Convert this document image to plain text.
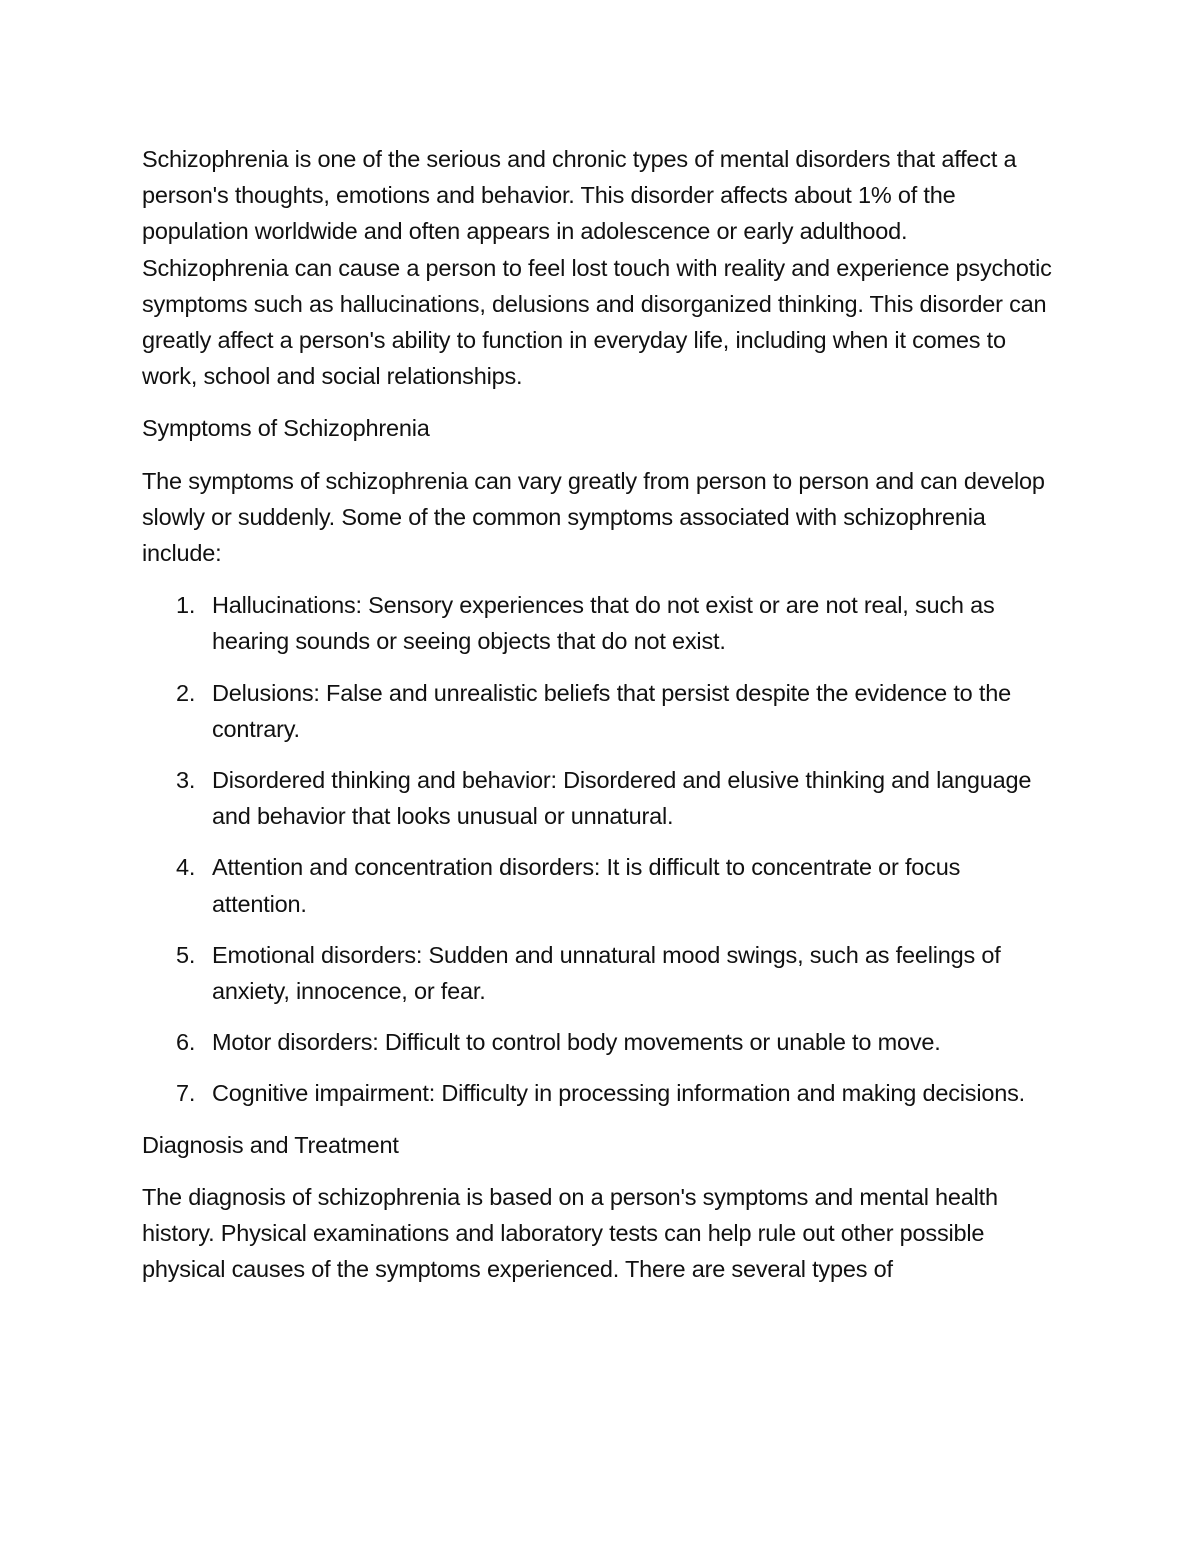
Schizophrenia is one of the serious and chronic types of mental disorders that affect a person's thoughts, emotions and behavior. This disorder affects about 1% of the population worldwide and often appears in adolescence or early adulthood. Schizophrenia can cause a person to feel lost touch with reality and experience psychotic symptoms such as hallucinations, delusions and disorganized thinking. This disorder can greatly affect a person's ability to function in everyday life, including when it comes to work, school and social relationships.

Symptoms of Schizophrenia

The symptoms of schizophrenia can vary greatly from person to person and can develop slowly or suddenly. Some of the common symptoms associated with schizophrenia include:

1. Hallucinations: Sensory experiences that do not exist or are not real, such as hearing sounds or seeing objects that do not exist.
2. Delusions: False and unrealistic beliefs that persist despite the evidence to the contrary.
3. Disordered thinking and behavior: Disordered and elusive thinking and language and behavior that looks unusual or unnatural.
4. Attention and concentration disorders: It is difficult to concentrate or focus attention.
5. Emotional disorders: Sudden and unnatural mood swings, such as feelings of anxiety, innocence, or fear.
6. Motor disorders: Difficult to control body movements or unable to move.
7. Cognitive impairment: Difficulty in processing information and making decisions.

Diagnosis and Treatment

The diagnosis of schizophrenia is based on a person's symptoms and mental health history. Physical examinations and laboratory tests can help rule out other possible physical causes of the symptoms experienced. There are several types of
